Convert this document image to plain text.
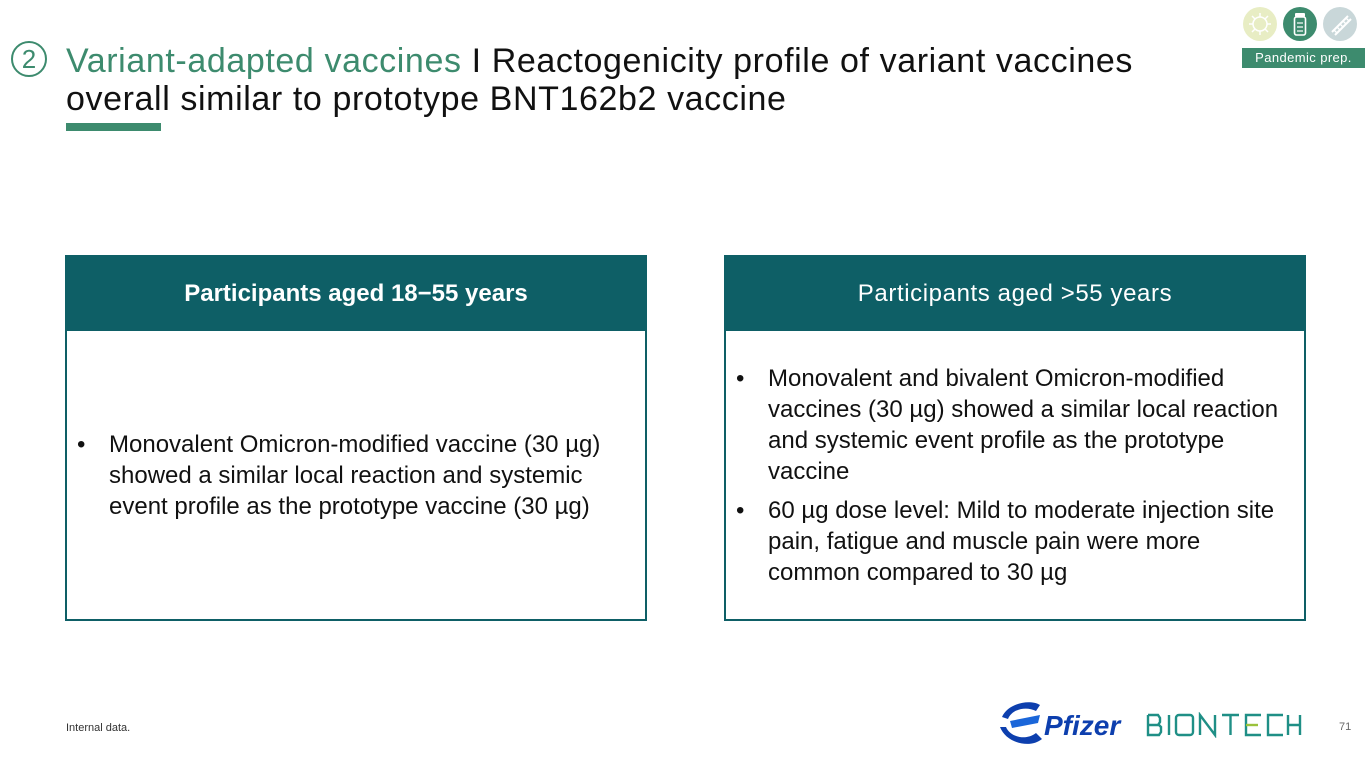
2 Variant-adapted vaccines I Reactogenicity profile of variant vaccines overall similar to prototype BNT162b2 vaccine
Pandemic prep.
Participants aged 18−55 years
• Monovalent Omicron-modified vaccine (30 µg) showed a similar local reaction and systemic event profile as the prototype vaccine (30 µg)
Participants aged >55 years
• Monovalent and bivalent Omicron-modified vaccines (30 µg) showed a similar local reaction and systemic event profile as the prototype vaccine
• 60 µg dose level: Mild to moderate injection site pain, fatigue and muscle pain were more common compared to 30 µg
Internal data.	Pfizer	71
